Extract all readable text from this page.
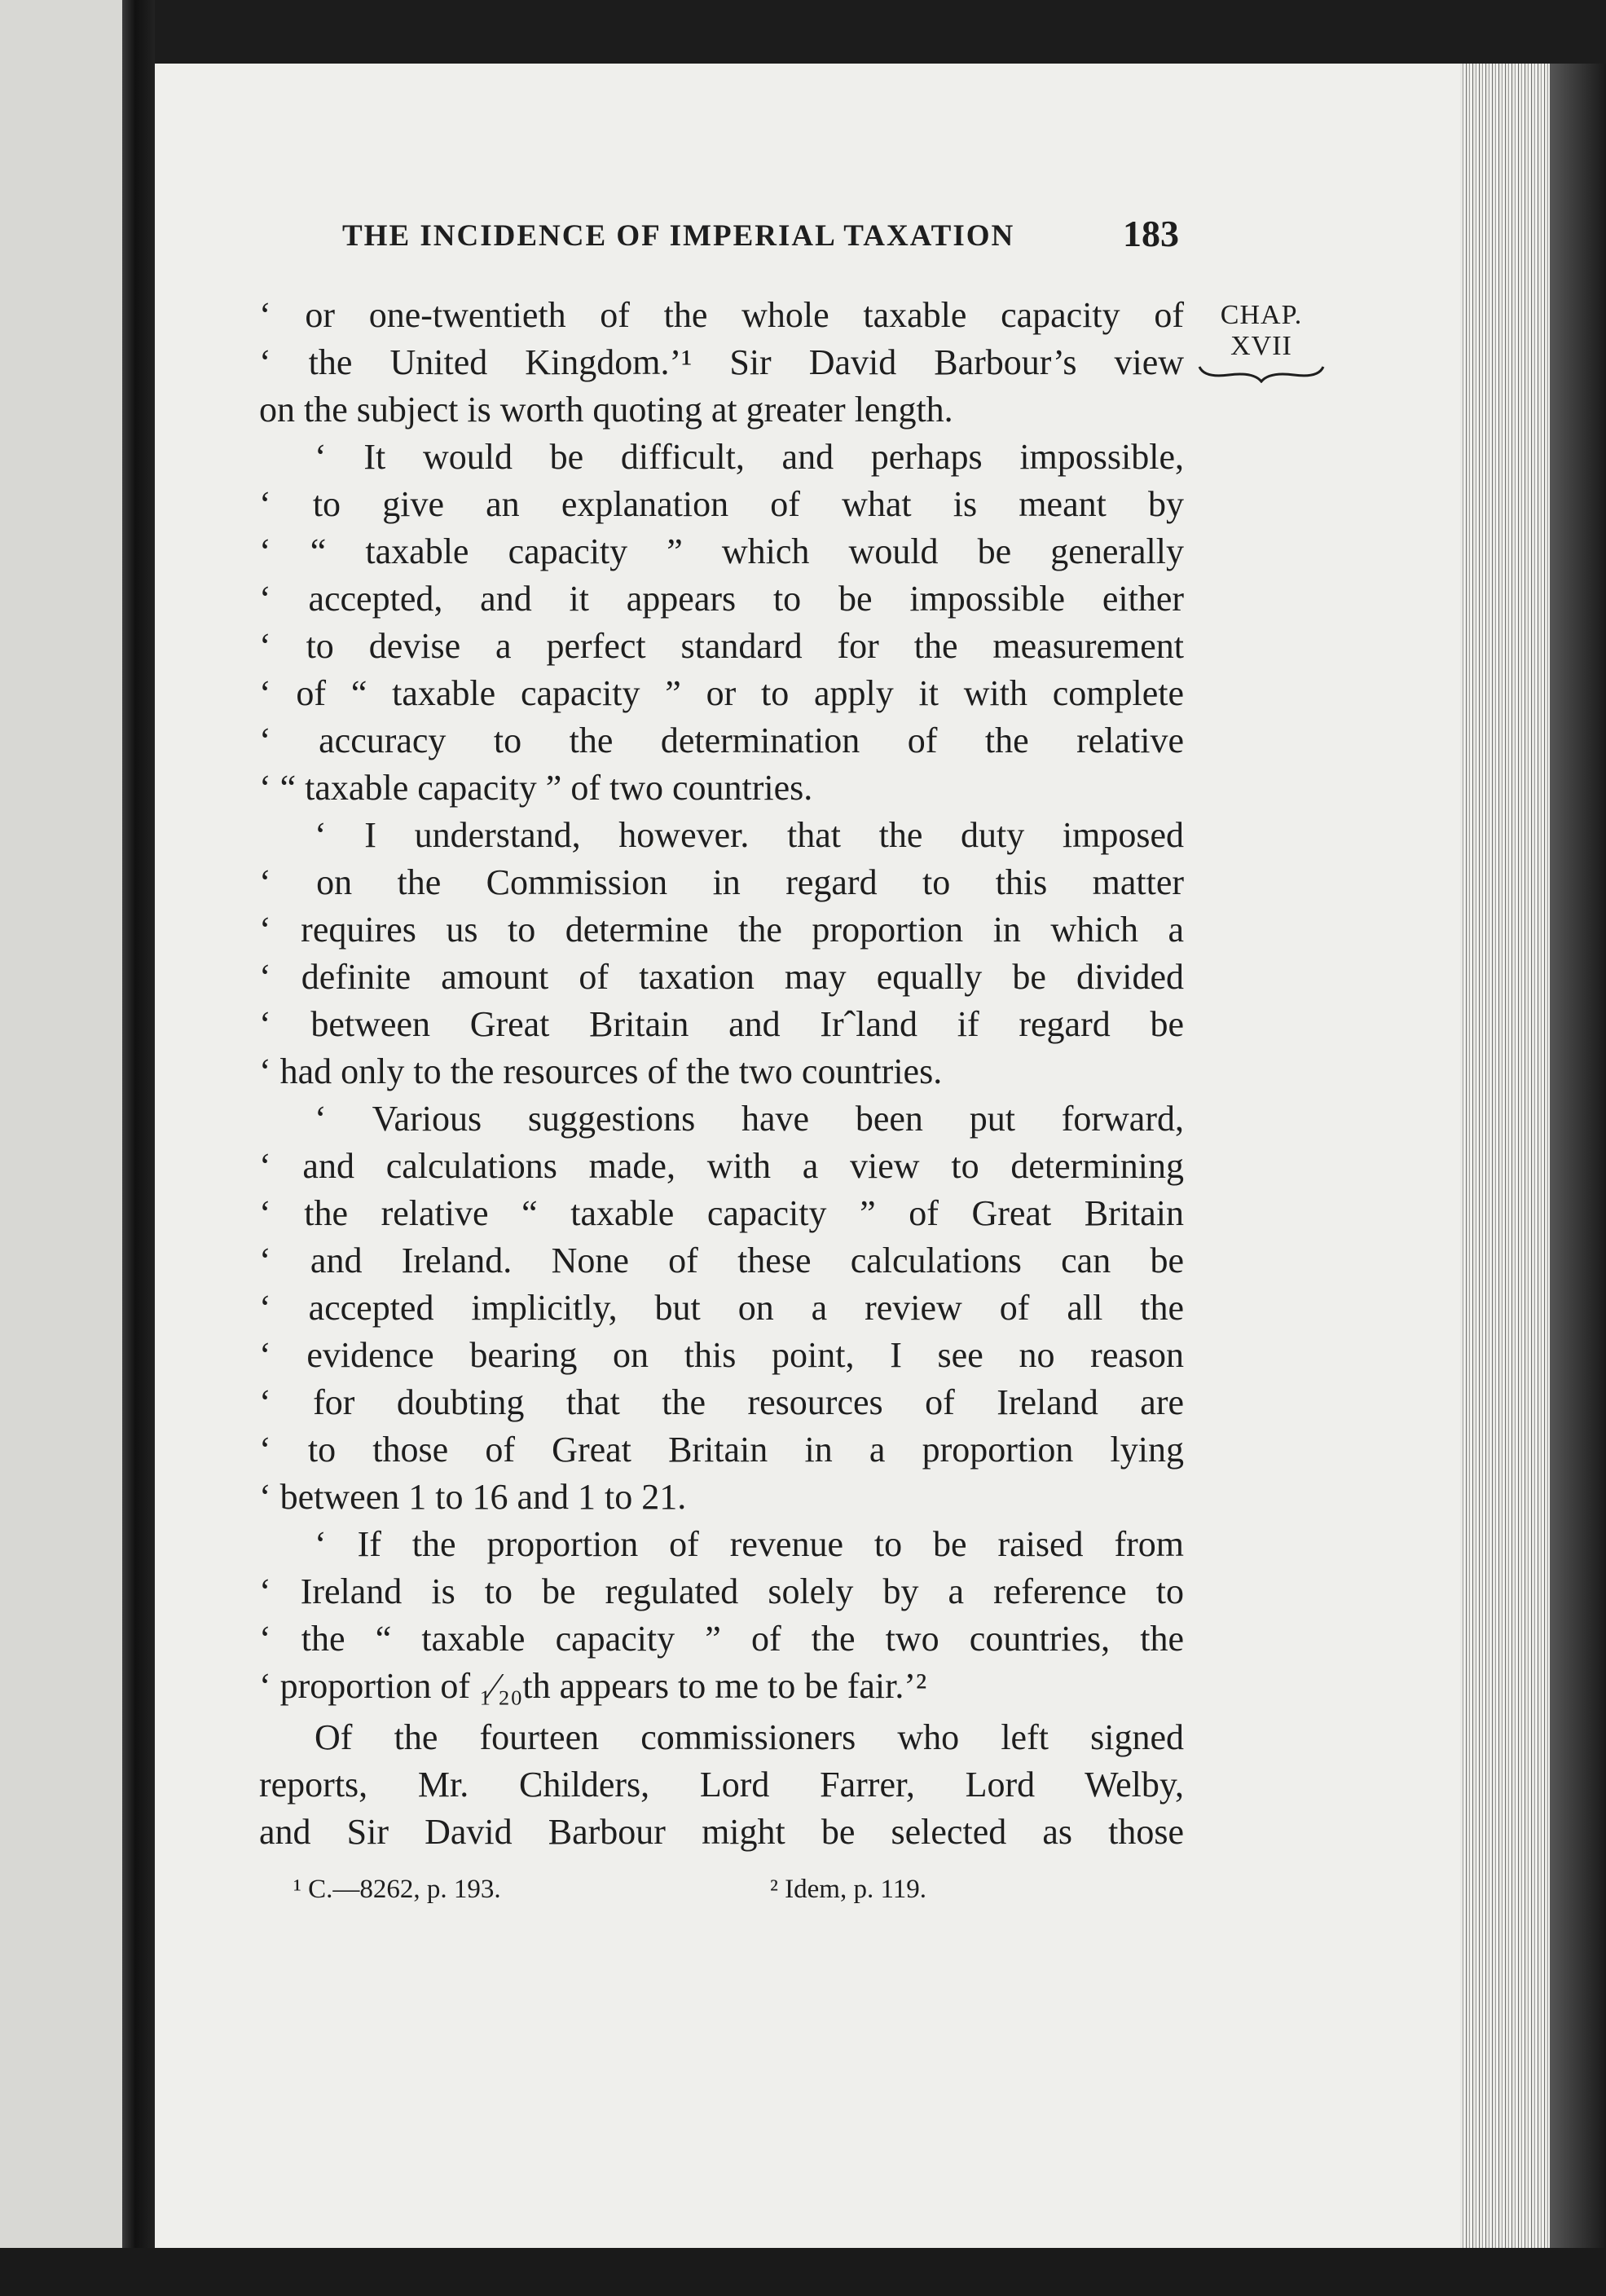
THE INCIDENCE OF IMPERIAL TAXATION	183
CHAP.
XVII
‘ or one-twentieth of the whole taxable capacity of
‘ the United Kingdom.’¹ Sir David Barbour’s view
on the subject is worth quoting at greater length.
‘ It would be difficult, and perhaps impossible,
‘ to give an explanation of what is meant by
‘ “ taxable capacity ” which would be generally
‘ accepted, and it appears to be impossible either
‘ to devise a perfect standard for the measurement
‘ of “ taxable capacity ” or to apply it with complete
‘ accuracy to the determination of the relative
‘ “ taxable capacity ” of two countries.
‘ I understand, however. that the duty imposed
‘ on the Commission in regard to this matter
‘ requires us to determine the proportion in which a
‘ definite amount of taxation may equally be divided
‘ between Great Britain and Ir⁠ˆland if regard be
‘ had only to the resources of the two countries.
‘ Various suggestions have been put forward,
‘ and calculations made, with a view to determining
‘ the relative “ taxable capacity ” of Great Britain
‘ and Ireland. None of these calculations can be
‘ accepted implicitly, but on a review of all the
‘ evidence bearing on this point, I see no reason
‘ for doubting that the resources of Ireland are
‘ to those of Great Britain in a proportion lying
‘ between 1 to 16 and 1 to 21.
‘ If the proportion of revenue to be raised from
‘ Ireland is to be regulated solely by a reference to
‘ the “ taxable capacity ” of the two countries, the
‘ proportion of ₁⁄₂₀th appears to me to be fair.’²
Of the fourteen commissioners who left signed
reports, Mr. Childers, Lord Farrer, Lord Welby,
and Sir David Barbour might be selected as those
¹ C.—8262, p. 193.	² Idem, p. 119.
